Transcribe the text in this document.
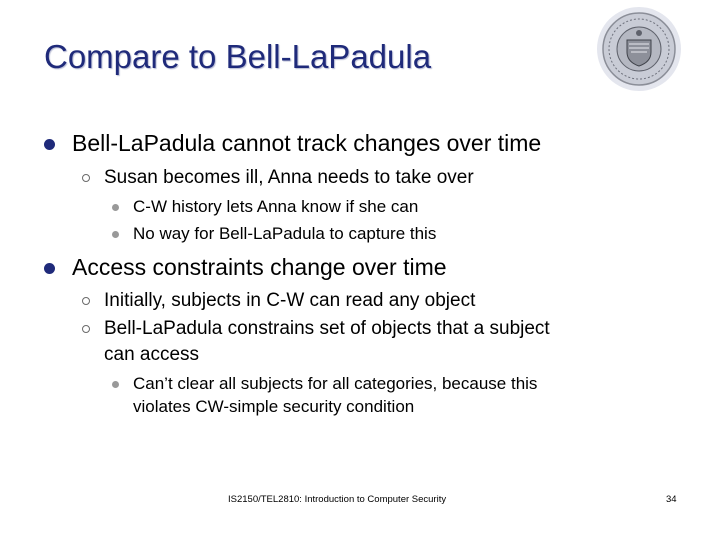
Compare to Bell-LaPadula
Bell-LaPadula cannot track changes over time
Susan becomes ill, Anna needs to take over
C-W history lets Anna know if she can
No way for Bell-LaPadula to capture this
Access constraints change over time
Initially, subjects in C-W can read any object
Bell-LaPadula constrains set of objects that a subject
can access
Can’t clear all subjects for all categories, because this
violates CW-simple security condition
IS2150/TEL2810: Introduction to Computer Security	34
